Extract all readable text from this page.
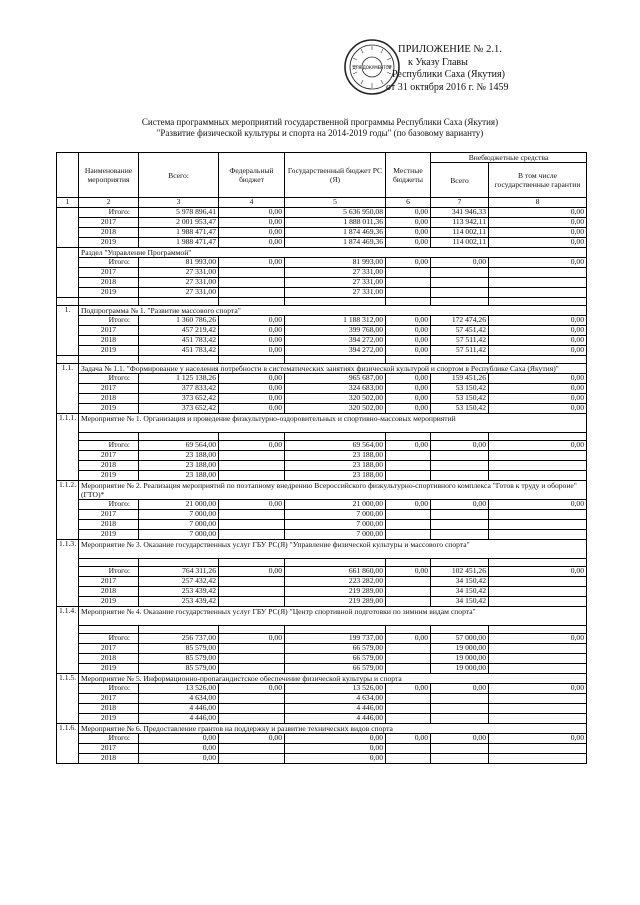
ДЛЯ ДОКУМЕНТОВ
ПРИЛОЖЕНИЕ № 2.1.
к Указу Главы
Республики Саха (Якутия)
от 31 октября 2016 г. № 1459
Система программных мероприятий государственной программы Республики Саха (Якутия)
"Развитие физической культуры и спорта на 2014-2019 годы" (по базовому варианту)
	Наименование мероприятия	Всего:	Федеральный бюджет	Государственный бюджет РС (Я)	Местные бюджеты	Внебюджетные средства	
						Всего	В том числе государственные гарантии
1	2	3	4	5	6	7	8
	Итого:	5 978 896,41	0,00	5 636 950,08	0,00	341 946,33	0,00
	2017	2 001 953,47	0,00	1 888 011,36	0,00	113 942,11	0,00
	2018	1 988 471,47	0,00	1 874 469,36	0,00	114 002,11	0,00
	2019	1 988 471,47	0,00	1 874 469,36	0,00	114 002,11	0,00
	Раздел "Управление Программой"						
	Итого:	81 993,00	0,00	81 993,00	0,00	0,00	0,00
	2017	27 331,00		27 331,00			
	2018	27 331,00		27 331,00			
	2019	27 331,00		27 331,00			

1.	Подпрограмма № 1. "Развитие массового спорта"						
	Итого:	1 360 786,26	0,00	1 188 312,00	0,00	172 474,26	0,00
	2017	457 219,42	0,00	399 768,00	0,00	57 451,42	0,00
	2018	451 783,42	0,00	394 272,00	0,00	57 511,42	0,00
	2019	451 783,42	0,00	394 272,00	0,00	57 511,42	0,00

1.1.	Задача № 1.1. "Формирование у населения потребности в систематических занятиях физической культурой и спортом в Республике Саха (Якутия)"						
	Итого:	1 125 138,26	0,00	965 687,00	0,00	159 451,26	0,00
	2017	377 833,42	0,00	324 683,00	0,00	53 150,42	0,00
	2018	373 652,42	0,00	320 502,00	0,00	53 150,42	0,00
	2019	373 652,42	0,00	320 502,00	0,00	53 150,42	0,00
1.1.1.	Мероприятие № 1. Организация и проведение физкультурно-оздоровительных и спортивно-массовых мероприятий						

	Итого:	69 564,00	0,00	69 564,00	0,00	0,00	0,00
	2017	23 188,00		23 188,00			
	2018	23 188,00		23 188,00			
	2019	23 188,00		23 188,00			
1.1.2.	Мероприятие № 2. Реализация мероприятий по поэтапному внедрению Всероссийского физкультурно-спортивного комплекса "Готов к труду и обороне" (ГТО)*						
	Итого:	21 000,00	0,00	21 000,00	0,00	0,00	0,00
	2017	7 000,00		7 000,00			
	2018	7 000,00		7 000,00			
	2019	7 000,00		7 000,00			
1.1.3.	Мероприятие № 3. Оказание государственных услуг ГБУ РС(Я) "Управление физической культуры и массового спорта"						

	Итого:	764 311,26	0,00	661 860,00	0,00	102 451,26	0,00
	2017	257 432,42		223 282,00		34 150,42	
	2018	253 439,42		219 289,00		34 150,42	
	2019	253 439,42		219 289,00		34 150,42	
1.1.4.	Мероприятие № 4. Оказание государственных услуг ГБУ РС(Я) "Центр спортивной подготовки по зимним видам спорта"						

	Итого:	256 737,00	0,00	199 737,00	0,00	57 000,00	0,00
	2017	85 579,00		66 579,00		19 000,00	
	2018	85 579,00		66 579,00		19 000,00	
	2019	85 579,00		66 579,00		19 000,00	
1.1.5.	Мероприятие № 5. Информационно-пропагандистское обеспечение физической культуры и спорта						
	Итого:	13 526,00	0,00	13 526,00	0,00	0,00	0,00
	2017	4 634,00		4 634,00			
	2018	4 446,00		4 446,00			
	2019	4 446,00		4 446,00			
1.1.6.	Мероприятие № 6. Предоставление грантов на поддержку и развитие технических видов спорта						
	Итого:	0,00	0,00	0,00	0,00	0,00	0,00
	2017	0,00		0,00			
	2018	0,00		0,00			
